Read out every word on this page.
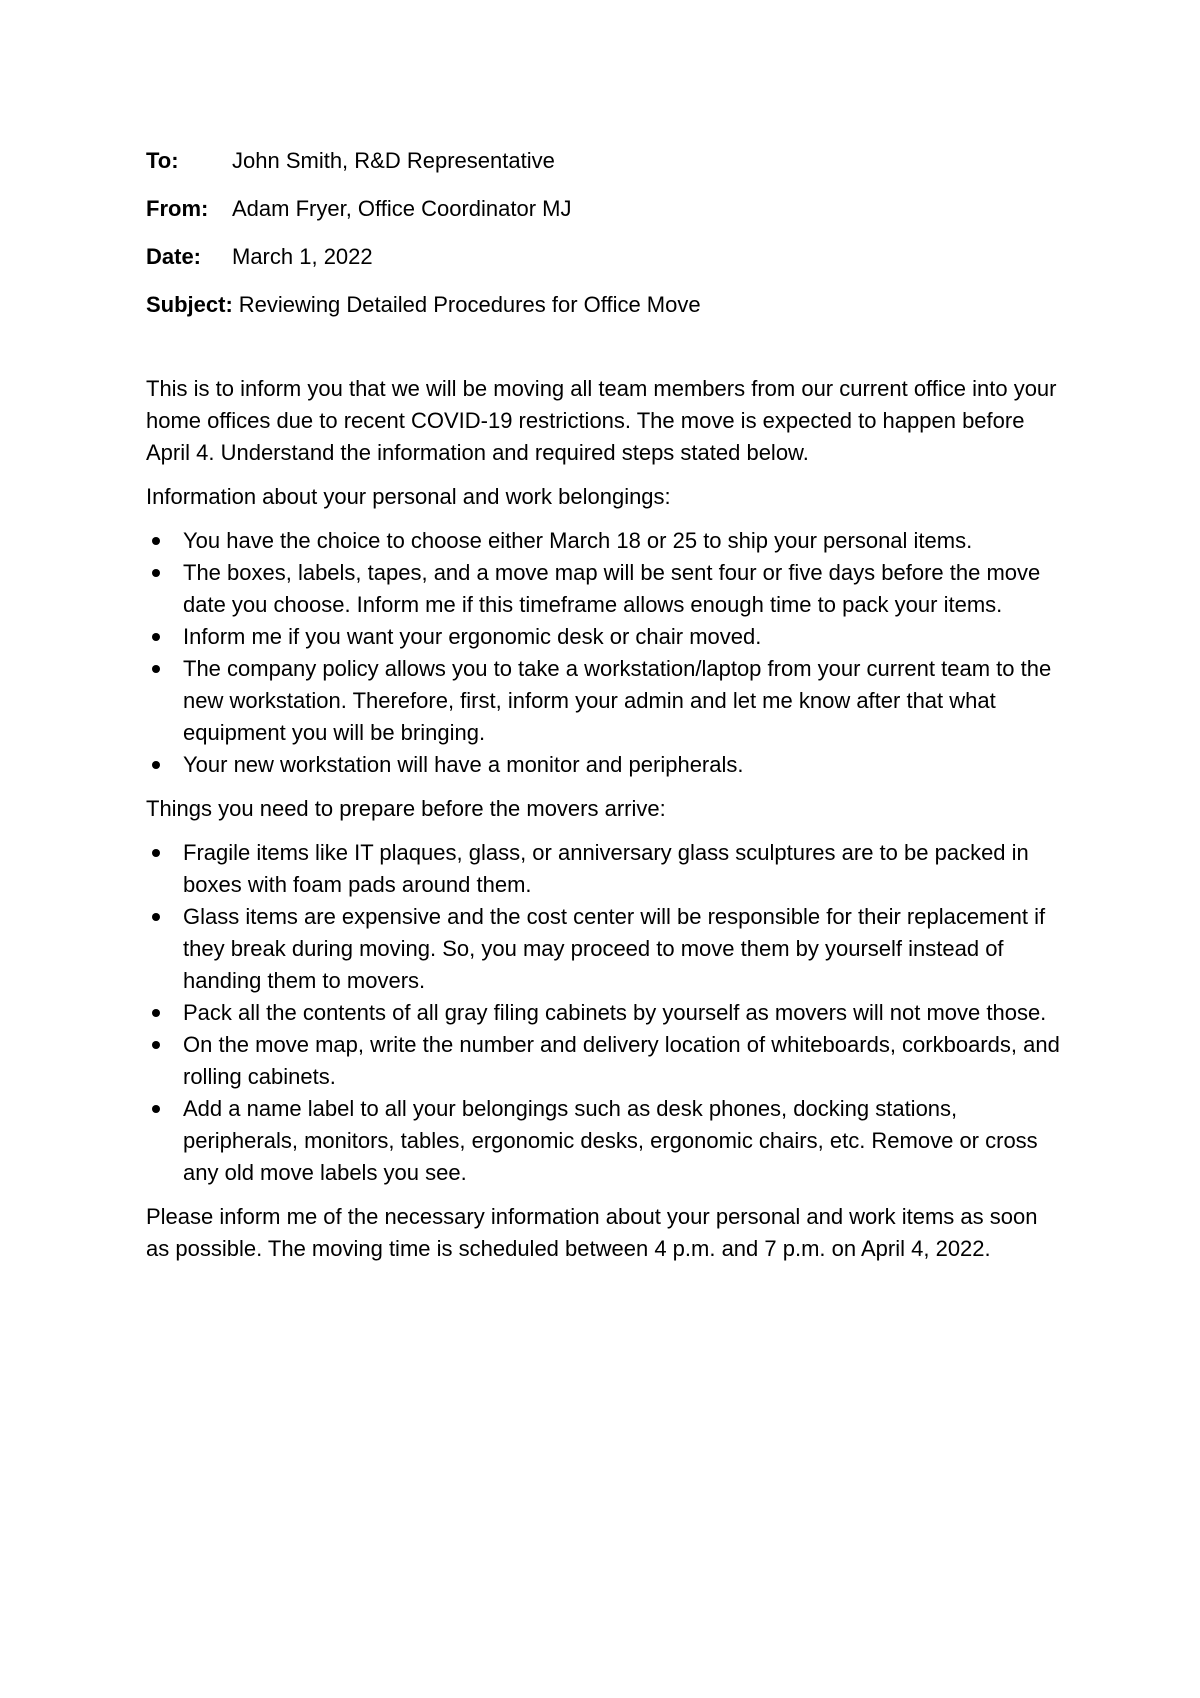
To:	John Smith, R&D Representative
From:	Adam Fryer, Office Coordinator MJ
Date:	March 1, 2022
Subject: Reviewing Detailed Procedures for Office Move

This is to inform you that we will be moving all team members from our current office into your home offices due to recent COVID-19 restrictions. The move is expected to happen before April 4. Understand the information and required steps stated below.

Information about your personal and work belongings:

You have the choice to choose either March 18 or 25 to ship your personal items.
The boxes, labels, tapes, and a move map will be sent four or five days before the move date you choose. Inform me if this timeframe allows enough time to pack your items.
Inform me if you want your ergonomic desk or chair moved.
The company policy allows you to take a workstation/laptop from your current team to the new workstation. Therefore, first, inform your admin and let me know after that what equipment you will be bringing.
Your new workstation will have a monitor and peripherals.

Things you need to prepare before the movers arrive:

Fragile items like IT plaques, glass, or anniversary glass sculptures are to be packed in boxes with foam pads around them.
Glass items are expensive and the cost center will be responsible for their replacement if they break during moving. So, you may proceed to move them by yourself instead of handing them to movers.
Pack all the contents of all gray filing cabinets by yourself as movers will not move those.
On the move map, write the number and delivery location of whiteboards, corkboards, and rolling cabinets.
Add a name label to all your belongings such as desk phones, docking stations, peripherals, monitors, tables, ergonomic desks, ergonomic chairs, etc. Remove or cross any old move labels you see.

Please inform me of the necessary information about your personal and work items as soon as possible. The moving time is scheduled between 4 p.m. and 7 p.m. on April 4, 2022.
